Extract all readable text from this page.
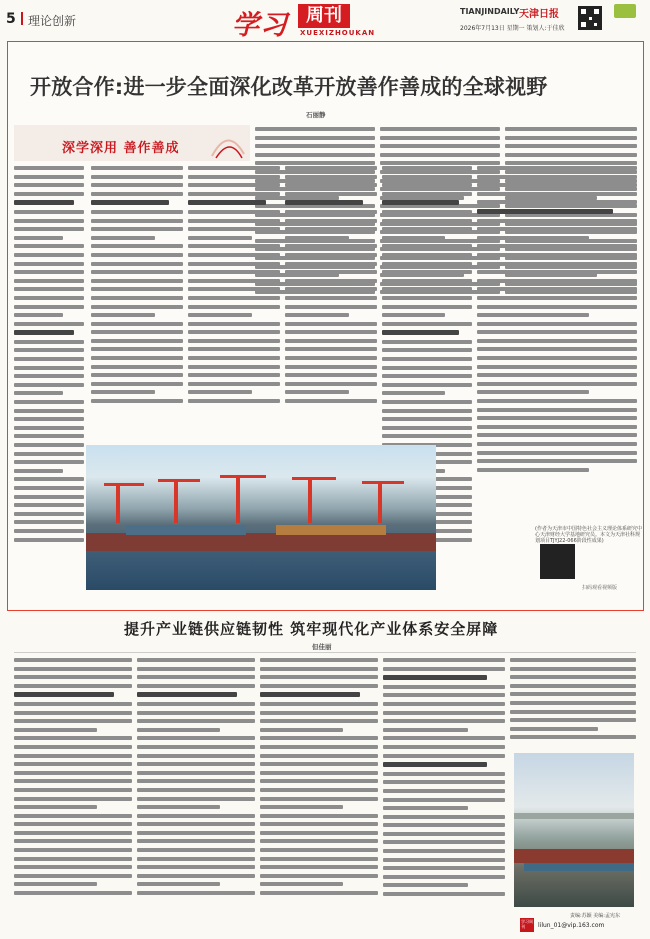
5 理论创新	学习	周刊
XUEXIZHOUKAN
TIANJINDAILY 天津日报
2026年7月13日 星期一 策划人:于佳欣
开放合作:进一步全面深化改革开放善作善成的全球视野
石丽静
深学深用 善作善成
(作者为天津市中国特色社会主义理论体系研究中心天津财经大学基地研究员。本文为天津社科规划项目TJYJ22-066阶段性成果)
扫码观看视频版
提升产业链供应链韧性 筑牢现代化产业体系安全屏障
但佳丽
责编:苏颖 美编:孟宪东
学习周刊	lilun_01@vip.163.com
